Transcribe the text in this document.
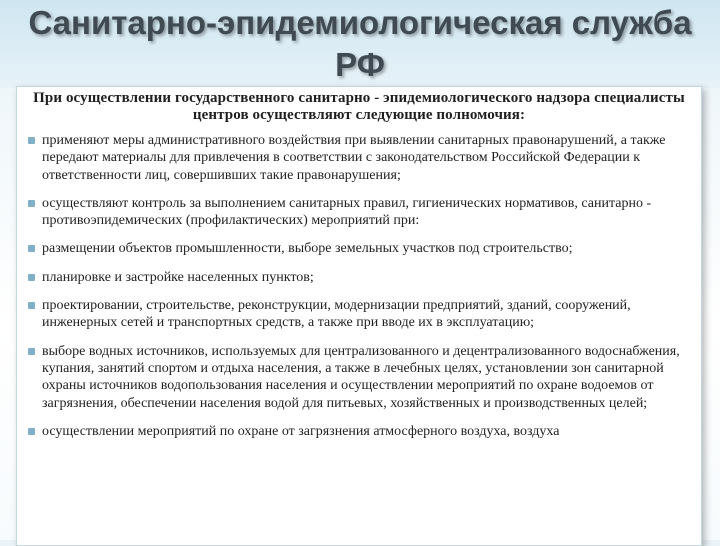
Санитарно-эпидемиологическая служба
РФ

При осуществлении государственного санитарно - эпидемиологического надзора специалисты центров осуществляют следующие полномочия:

применяют меры административного воздействия при выявлении санитарных правонарушений, а также передают материалы для привлечения в соответствии с законодательством Российской Федерации к ответственности лиц, совершивших такие правонарушения;
осуществляют контроль за выполнением санитарных правил, гигиенических нормативов, санитарно - противоэпидемических (профилактических) мероприятий при:
размещении объектов промышленности, выборе земельных участков под строительство;
планировке и застройке населенных пунктов;
проектировании, строительстве, реконструкции, модернизации предприятий, зданий, сооружений, инженерных сетей и транспортных средств, а также при вводе их в эксплуатацию;
выборе водных источников, используемых для централизованного и децентрализованного водоснабжения, купания, занятий спортом и отдыха населения, а также в лечебных целях, установлении зон санитарной охраны источников водопользования населения и осуществлении мероприятий по охране водоемов от загрязнения, обеспечении населения водой для питьевых, хозяйственных и производственных целей;
осуществлении мероприятий по охране от загрязнения атмосферного воздуха, воздуха
